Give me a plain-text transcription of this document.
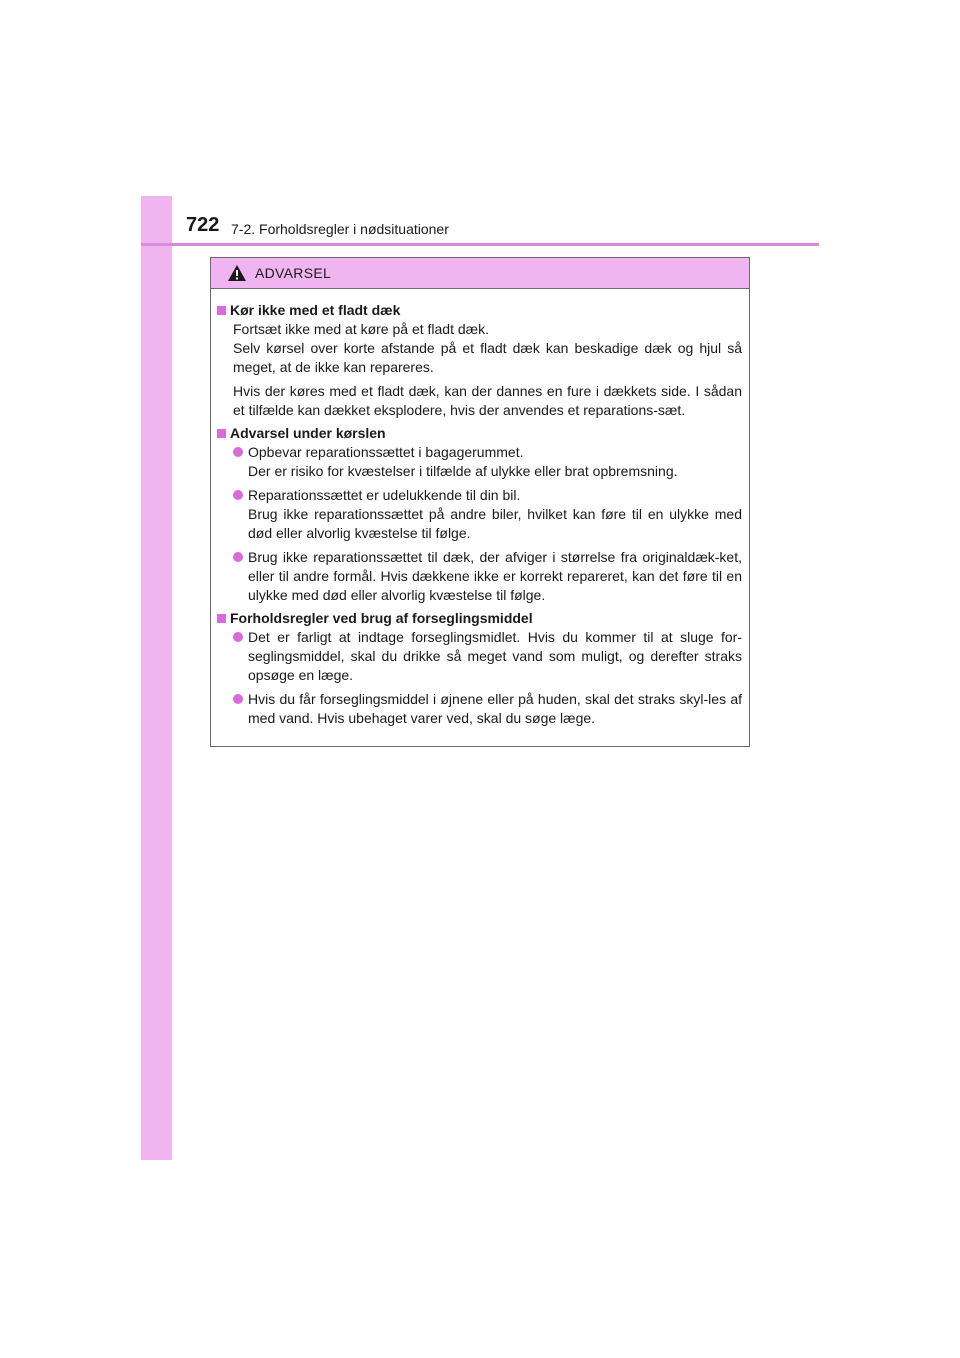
722 7-2. Forholdsregler i nødsituationer
ADVARSEL
Kør ikke med et fladt dæk
Fortsæt ikke med at køre på et fladt dæk.
Selv kørsel over korte afstande på et fladt dæk kan beskadige dæk og hjul så meget, at de ikke kan repareres.
Hvis der køres med et fladt dæk, kan der dannes en fure i dækkets side. I sådan et tilfælde kan dækket eksplodere, hvis der anvendes et reparations-sæt.
Advarsel under kørslen
Opbevar reparationssættet i bagagerummet.
Der er risiko for kvæstelser i tilfælde af ulykke eller brat opbremsning.
Reparationssættet er udelukkende til din bil.
Brug ikke reparationssættet på andre biler, hvilket kan føre til en ulykke med død eller alvorlig kvæstelse til følge.
Brug ikke reparationssættet til dæk, der afviger i størrelse fra originaldæk-ket, eller til andre formål. Hvis dækkene ikke er korrekt repareret, kan det føre til en ulykke med død eller alvorlig kvæstelse til følge.
Forholdsregler ved brug af forseglingsmiddel
Det er farligt at indtage forseglingsmidlet. Hvis du kommer til at sluge for-seglingsmiddel, skal du drikke så meget vand som muligt, og derefter straks opsøge en læge.
Hvis du får forseglingsmiddel i øjnene eller på huden, skal det straks skyl-les af med vand. Hvis ubehaget varer ved, skal du søge læge.
